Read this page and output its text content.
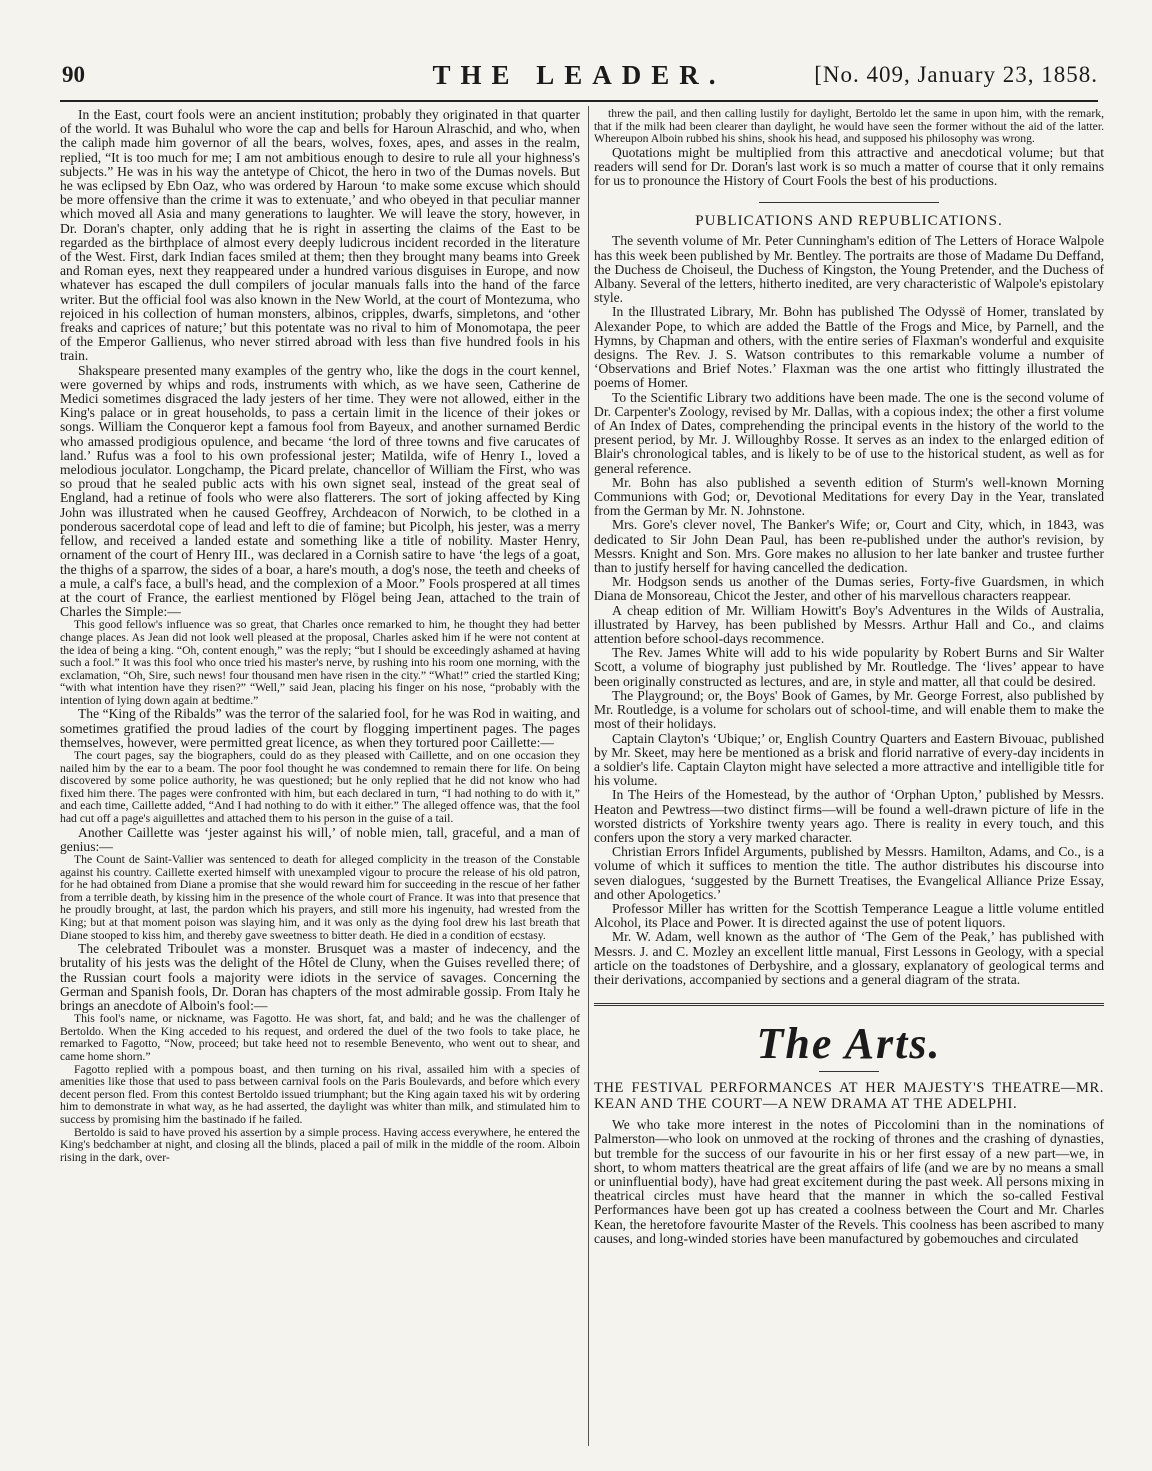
90	THE LEADER.	[No. 409, January 23, 1858.

In the East, court fools were an ancient institution; probably they originated in that quarter of the world. It was Buhalul who wore the cap and bells for Haroun Alraschid, and who, when the caliph made him governor of all the bears, wolves, foxes, apes, and asses in the realm, replied, “It is too much for me; I am not ambitious enough to desire to rule all your highness's subjects.” He was in his way the antetype of Chicot, the hero in two of the Dumas novels. But he was eclipsed by Ebn Oaz, who was ordered by Haroun ‘to make some excuse which should be more offensive than the crime it was to extenuate,’ and who obeyed in that peculiar manner which moved all Asia and many generations to laughter. We will leave the story, however, in Dr. Doran's chapter, only adding that he is right in asserting the claims of the East to be regarded as the birthplace of almost every deeply ludicrous incident recorded in the literature of the West. First, dark Indian faces smiled at them; then they brought many beams into Greek and Roman eyes, next they reappeared under a hundred various disguises in Europe, and now whatever has escaped the dull compilers of jocular manuals falls into the hand of the farce writer. But the official fool was also known in the New World, at the court of Montezuma, who rejoiced in his collection of human monsters, albinos, cripples, dwarfs, simpletons, and ‘other freaks and caprices of nature;’ but this potentate was no rival to him of Monomotapa, the peer of the Emperor Gallienus, who never stirred abroad with less than five hundred fools in his train.

Shakspeare presented many examples of the gentry who, like the dogs in the court kennel, were governed by whips and rods, instruments with which, as we have seen, Catherine de Medici sometimes disgraced the lady jesters of her time. They were not allowed, either in the King's palace or in great households, to pass a certain limit in the licence of their jokes or songs. William the Conqueror kept a famous fool from Bayeux, and another surnamed Berdic who amassed prodigious opulence, and became ‘the lord of three towns and five carucates of land.’ Rufus was a fool to his own professional jester; Matilda, wife of Henry I., loved a melodious joculator. Longchamp, the Picard prelate, chancellor of William the First, who was so proud that he sealed public acts with his own signet seal, instead of the great seal of England, had a retinue of fools who were also flatterers. The sort of joking affected by King John was illustrated when he caused Geoffrey, Archdeacon of Norwich, to be clothed in a ponderous sacerdotal cope of lead and left to die of famine; but Picolph, his jester, was a merry fellow, and received a landed estate and something like a title of nobility. Master Henry, ornament of the court of Henry III., was declared in a Cornish satire to have ‘the legs of a goat, the thighs of a sparrow, the sides of a boar, a hare's mouth, a dog's nose, the teeth and cheeks of a mule, a calf's face, a bull's head, and the complexion of a Moor.” Fools prospered at all times at the court of France, the earliest mentioned by Flögel being Jean, attached to the train of Charles the Simple:—

This good fellow's influence was so great, that Charles once remarked to him, he thought they had better change places. As Jean did not look well pleased at the proposal, Charles asked him if he were not content at the idea of being a king. “Oh, content enough,” was the reply; “but I should be exceedingly ashamed at having such a fool.” It was this fool who once tried his master's nerve, by rushing into his room one morning, with the exclamation, “Oh, Sire, such news! four thousand men have risen in the city.” “What!” cried the startled King; “with what intention have they risen?” “Well,” said Jean, placing his finger on his nose, “probably with the intention of lying down again at bedtime.”

The “King of the Ribalds” was the terror of the salaried fool, for he was Rod in waiting, and sometimes gratified the proud ladies of the court by flogging impertinent pages. The pages themselves, however, were permitted great licence, as when they tortured poor Caillette:—

The court pages, say the biographers, could do as they pleased with Caillette, and on one occasion they nailed him by the ear to a beam. The poor fool thought he was condemned to remain there for life. On being discovered by some police authority, he was questioned; but he only replied that he did not know who had fixed him there. The pages were confronted with him, but each declared in turn, “I had nothing to do with it,” and each time, Caillette added, “And I had nothing to do with it either.” The alleged offence was, that the fool had cut off a page's aiguillettes and attached them to his person in the guise of a tail.

Another Caillette was ‘jester against his will,’ of noble mien, tall, graceful, and a man of genius:—

The Count de Saint-Vallier was sentenced to death for alleged complicity in the treason of the Constable against his country. Caillette exerted himself with unexampled vigour to procure the release of his old patron, for he had obtained from Diane a promise that she would reward him for succeeding in the rescue of her father from a terrible death, by kissing him in the presence of the whole court of France. It was into that presence that he proudly brought, at last, the pardon which his prayers, and still more his ingenuity, had wrested from the King; but at that moment poison was slaying him, and it was only as the dying fool drew his last breath that Diane stooped to kiss him, and thereby gave sweetness to bitter death. He died in a condition of ecstasy.

The celebrated Triboulet was a monster. Brusquet was a master of indecency, and the brutality of his jests was the delight of the Hôtel de Cluny, when the Guises revelled there; of the Russian court fools a majority were idiots in the service of savages. Concerning the German and Spanish fools, Dr. Doran has chapters of the most admirable gossip. From Italy he brings an anecdote of Alboin's fool:—

This fool's name, or nickname, was Fagotto. He was short, fat, and bald; and he was the challenger of Bertoldo. When the King acceded to his request, and ordered the duel of the two fools to take place, he remarked to Fagotto, “Now, proceed; but take heed not to resemble Benevento, who went out to shear, and came home shorn.”

Fagotto replied with a pompous boast, and then turning on his rival, assailed him with a species of amenities like those that used to pass between carnival fools on the Paris Boulevards, and before which every decent person fled. From this contest Bertoldo issued triumphant; but the King again taxed his wit by ordering him to demonstrate in what way, as he had asserted, the daylight was whiter than milk, and stimulated him to success by promising him the bastinado if he failed.

Bertoldo is said to have proved his assertion by a simple process. Having access everywhere, he entered the King's bedchamber at night, and closing all the blinds, placed a pail of milk in the middle of the room. Alboin rising in the dark, over-

threw the pail, and then calling lustily for daylight, Bertoldo let the same in upon him, with the remark, that if the milk had been clearer than daylight, he would have seen the former without the aid of the latter. Whereupon Alboin rubbed his shins, shook his head, and supposed his philosophy was wrong.

Quotations might be multiplied from this attractive and anecdotical volume; but that readers will send for Dr. Doran's last work is so much a matter of course that it only remains for us to pronounce the History of Court Fools the best of his productions.

PUBLICATIONS AND REPUBLICATIONS.

The seventh volume of Mr. Peter Cunningham's edition of The Letters of Horace Walpole has this week been published by Mr. Bentley. The portraits are those of Madame Du Deffand, the Duchess de Choiseul, the Duchess of Kingston, the Young Pretender, and the Duchess of Albany. Several of the letters, hitherto inedited, are very characteristic of Walpole's epistolary style.

In the Illustrated Library, Mr. Bohn has published The Odyssë of Homer, translated by Alexander Pope, to which are added the Battle of the Frogs and Mice, by Parnell, and the Hymns, by Chapman and others, with the entire series of Flaxman's wonderful and exquisite designs. The Rev. J. S. Watson contributes to this remarkable volume a number of ‘Observations and Brief Notes.’ Flaxman was the one artist who fittingly illustrated the poems of Homer.

To the Scientific Library two additions have been made. The one is the second volume of Dr. Carpenter's Zoology, revised by Mr. Dallas, with a copious index; the other a first volume of An Index of Dates, comprehending the principal events in the history of the world to the present period, by Mr. J. Willoughby Rosse. It serves as an index to the enlarged edition of Blair's chronological tables, and is likely to be of use to the historical student, as well as for general reference.

Mr. Bohn has also published a seventh edition of Sturm's well-known Morning Communions with God; or, Devotional Meditations for every Day in the Year, translated from the German by Mr. N. Johnstone.

Mrs. Gore's clever novel, The Banker's Wife; or, Court and City, which, in 1843, was dedicated to Sir John Dean Paul, has been re-published under the author's revision, by Messrs. Knight and Son. Mrs. Gore makes no allusion to her late banker and trustee further than to justify herself for having cancelled the dedication.

Mr. Hodgson sends us another of the Dumas series, Forty-five Guardsmen, in which Diana de Monsoreau, Chicot the Jester, and other of his marvellous characters reappear.

A cheap edition of Mr. William Howitt's Boy's Adventures in the Wilds of Australia, illustrated by Harvey, has been published by Messrs. Arthur Hall and Co., and claims attention before school-days recommence.

The Rev. James White will add to his wide popularity by Robert Burns and Sir Walter Scott, a volume of biography just published by Mr. Routledge. The ‘lives’ appear to have been originally constructed as lectures, and are, in style and matter, all that could be desired.

The Playground; or, the Boys' Book of Games, by Mr. George Forrest, also published by Mr. Routledge, is a volume for scholars out of school-time, and will enable them to make the most of their holidays.

Captain Clayton's ‘Ubique;’ or, English Country Quarters and Eastern Bivouac, published by Mr. Skeet, may here be mentioned as a brisk and florid narrative of every-day incidents in a soldier's life. Captain Clayton might have selected a more attractive and intelligible title for his volume.

In The Heirs of the Homestead, by the author of ‘Orphan Upton,’ published by Messrs. Heaton and Pewtress—two distinct firms—will be found a well-drawn picture of life in the worsted districts of Yorkshire twenty years ago. There is reality in every touch, and this confers upon the story a very marked character.

Christian Errors Infidel Arguments, published by Messrs. Hamilton, Adams, and Co., is a volume of which it suffices to mention the title. The author distributes his discourse into seven dialogues, ‘suggested by the Burnett Treatises, the Evangelical Alliance Prize Essay, and other Apologetics.’

Professor Miller has written for the Scottish Temperance League a little volume entitled Alcohol, its Place and Power. It is directed against the use of potent liquors.

Mr. W. Adam, well known as the author of ‘The Gem of the Peak,’ has published with Messrs. J. and C. Mozley an excellent little manual, First Lessons in Geology, with a special article on the toadstones of Derbyshire, and a glossary, explanatory of geological terms and their derivations, accompanied by sections and a general diagram of the strata.

The Arts.

THE FESTIVAL PERFORMANCES AT HER MAJESTY'S THEATRE—MR. KEAN AND THE COURT—A NEW DRAMA AT THE ADELPHI.

We who take more interest in the notes of Piccolomini than in the nominations of Palmerston—who look on unmoved at the rocking of thrones and the crashing of dynasties, but tremble for the success of our favourite in his or her first essay of a new part—we, in short, to whom matters theatrical are the great affairs of life (and we are by no means a small or uninfluential body), have had great excitement during the past week. All persons mixing in theatrical circles must have heard that the manner in which the so-called Festival Performances have been got up has created a coolness between the Court and Mr. Charles Kean, the heretofore favourite Master of the Revels. This coolness has been ascribed to many causes, and long-winded stories have been manufactured by gobemouches and circulated
